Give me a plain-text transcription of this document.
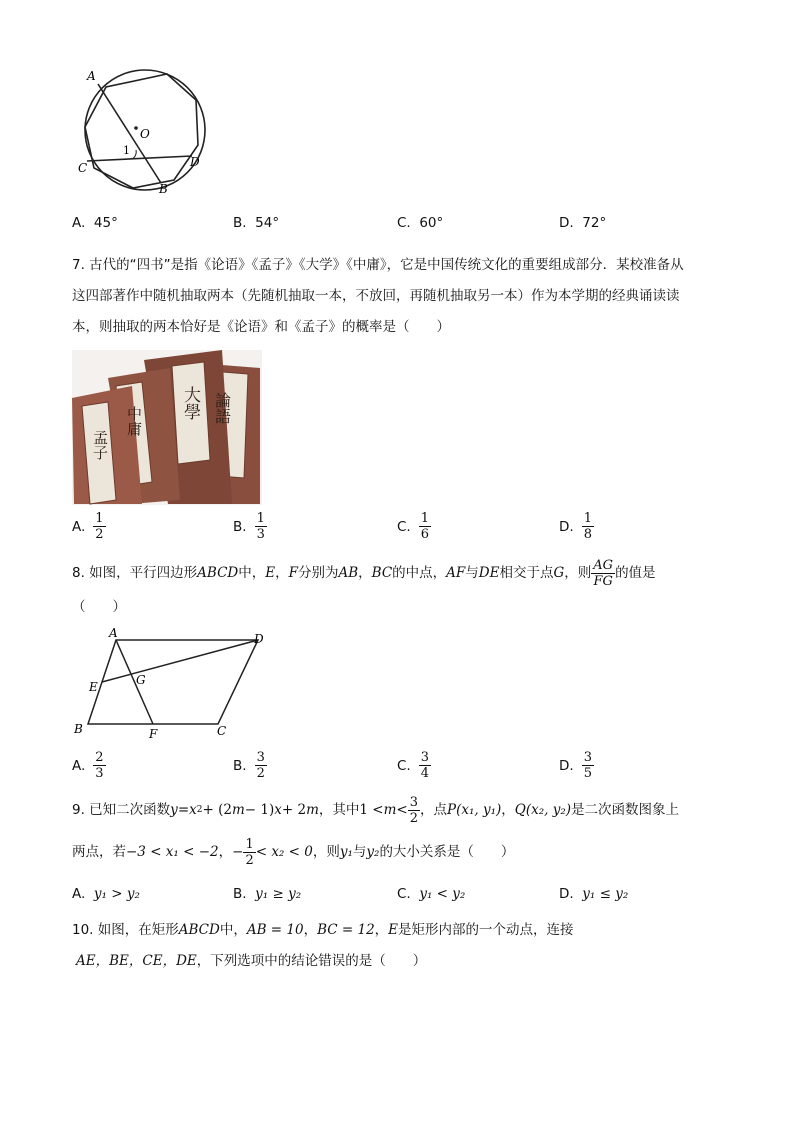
A
O
1
C	D
B
A. 45°	B. 54°	C. 60°	D. 72°
7. 古代的“四书”是指《论语》《孟子》《大学》《中庸》，它是中国传统文化的重要组成部分．某校准备从
这四部著作中随机抽取两本（先随机抽取一本，不放回，再随机抽取另一本）作为本学期的经典诵读读
本，则抽取的两本恰好是《论语》和《孟子》的概率是（　　）
孟子
中庸
大學 論語
A. $\frac{1}{2}$	B. $\frac{1}{3}$	C. $\frac{1}{6}$	D. $\frac{1}{8}$
8. 如图，平行四边形 ABCD 中， E ， F 分别为 AB ， BC 的中点， AF 与 DE 相交于点 G ，则 $\frac{AG}{FG}$ 的值是
（　　）
A	D
E	G
B	F	C
A. $\frac{2}{3}$	B. $\frac{3}{2}$	C. $\frac{3}{4}$	D. $\frac{3}{5}$
9. 已知二次函数 y = x 2 + (2 m − 1) x + 2 m ，其中 $1 < m < \frac{3}{2}$ ，点 P (x₁, y₁) ， Q (x₂, y₂) 是二次函数图象上
两点，若 −3 < x₁ < −2 ， − $\frac{1}{2} < x_2 < 0$ ，则 y₁ 与 y₂ 的大小关系是（　　）
A. y₁ > y₂	B. y₁ ≥ y₂	C. y₁ < y₂	D. y₁ ≤ y₂
10. 如图，在矩形ABCD中，AB = 10，BC = 12，E是矩形内部的一个动点，连接
AE，BE，CE，DE，下列选项中的结论错误的是（　　）
